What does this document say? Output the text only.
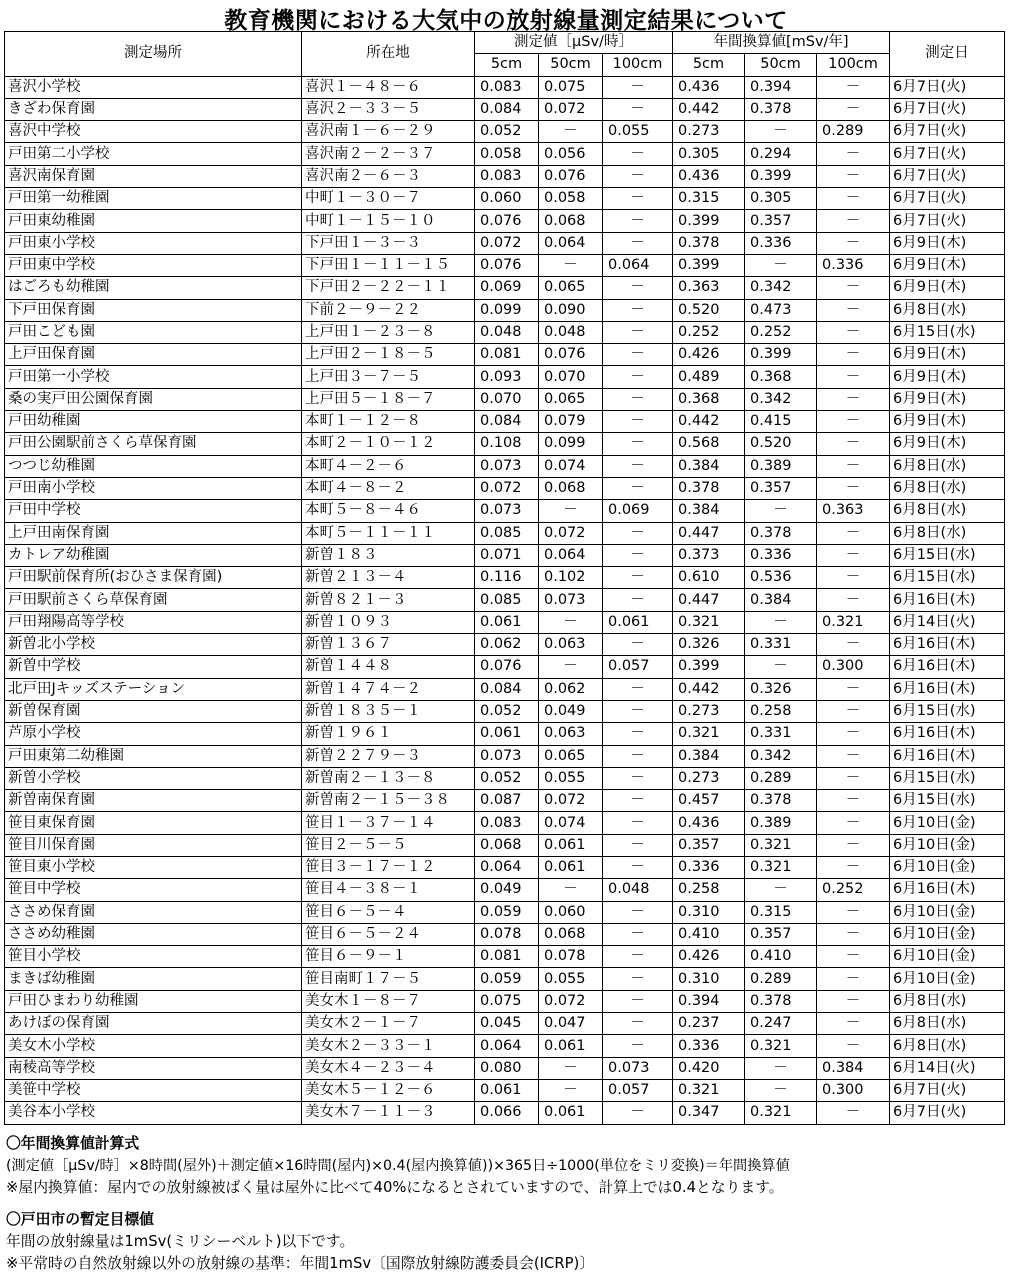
教育機関における大気中の放射線量測定結果について
測定場所	所在地	測定値［μSv/時］			年間換算値[mSv/年]			測定日
		5cm	50cm	100cm	5cm	50cm	100cm	
喜沢小学校	喜沢１－４８－６	0.083	0.075	－	0.436	0.394	－	6月7日(火)
きざわ保育園	喜沢２－３３－５	0.084	0.072	－	0.442	0.378	－	6月7日(火)
喜沢中学校	喜沢南１－６－２９	0.052	－	0.055	0.273	－	0.289	6月7日(火)
戸田第二小学校	喜沢南２－２－３７	0.058	0.056	－	0.305	0.294	－	6月7日(火)
喜沢南保育園	喜沢南２－６－３	0.083	0.076	－	0.436	0.399	－	6月7日(火)
戸田第一幼稚園	中町１－３０－７	0.060	0.058	－	0.315	0.305	－	6月7日(火)
戸田東幼稚園	中町１－１５－１０	0.076	0.068	－	0.399	0.357	－	6月7日(火)
戸田東小学校	下戸田１－３－３	0.072	0.064	－	0.378	0.336	－	6月9日(木)
戸田東中学校	下戸田１－１１－１５	0.076	－	0.064	0.399	－	0.336	6月9日(木)
はごろも幼稚園	下戸田２－２２－１１	0.069	0.065	－	0.363	0.342	－	6月9日(木)
下戸田保育園	下前２－９－２２	0.099	0.090	－	0.520	0.473	－	6月8日(水)
戸田こども園	上戸田１－２３－８	0.048	0.048	－	0.252	0.252	－	6月15日(水)
上戸田保育園	上戸田２－１８－５	0.081	0.076	－	0.426	0.399	－	6月9日(木)
戸田第一小学校	上戸田３－７－５	0.093	0.070	－	0.489	0.368	－	6月9日(木)
桑の実戸田公園保育園	上戸田５－１８－７	0.070	0.065	－	0.368	0.342	－	6月9日(木)
戸田幼稚園	本町１－１２－８	0.084	0.079	－	0.442	0.415	－	6月9日(木)
戸田公園駅前さくら草保育園	本町２－１０－１２	0.108	0.099	－	0.568	0.520	－	6月9日(木)
つつじ幼稚園	本町４－２－６	0.073	0.074	－	0.384	0.389	－	6月8日(水)
戸田南小学校	本町４－８－２	0.072	0.068	－	0.378	0.357	－	6月8日(水)
戸田中学校	本町５－８－４６	0.073	－	0.069	0.384	－	0.363	6月8日(水)
上戸田南保育園	本町５－１１－１１	0.085	0.072	－	0.447	0.378	－	6月8日(水)
カトレア幼稚園	新曽１８３	0.071	0.064	－	0.373	0.336	－	6月15日(水)
戸田駅前保育所(おひさま保育園)	新曽２１３－４	0.116	0.102	－	0.610	0.536	－	6月15日(水)
戸田駅前さくら草保育園	新曽８２１－３	0.085	0.073	－	0.447	0.384	－	6月16日(木)
戸田翔陽高等学校	新曽１０９３	0.061	－	0.061	0.321	－	0.321	6月14日(火)
新曽北小学校	新曽１３６７	0.062	0.063	－	0.326	0.331	－	6月16日(木)
新曽中学校	新曽１４４８	0.076	－	0.057	0.399	－	0.300	6月16日(木)
北戸田Jキッズステーション	新曽１４７４－２	0.084	0.062	－	0.442	0.326	－	6月16日(木)
新曽保育園	新曽１８３５－１	0.052	0.049	－	0.273	0.258	－	6月15日(水)
芦原小学校	新曽１９６１	0.061	0.063	－	0.321	0.331	－	6月16日(木)
戸田東第二幼稚園	新曽２２７９－３	0.073	0.065	－	0.384	0.342	－	6月16日(木)
新曽小学校	新曽南２－１３－８	0.052	0.055	－	0.273	0.289	－	6月15日(水)
新曽南保育園	新曽南２－１５－３８	0.087	0.072	－	0.457	0.378	－	6月15日(水)
笹目東保育園	笹目１－３７－１４	0.083	0.074	－	0.436	0.389	－	6月10日(金)
笹目川保育園	笹目２－５－５	0.068	0.061	－	0.357	0.321	－	6月10日(金)
笹目東小学校	笹目３－１７－１２	0.064	0.061	－	0.336	0.321	－	6月10日(金)
笹目中学校	笹目４－３８－１	0.049	－	0.048	0.258	－	0.252	6月16日(木)
ささめ保育園	笹目６－５－４	0.059	0.060	－	0.310	0.315	－	6月10日(金)
ささめ幼稚園	笹目６－５－２４	0.078	0.068	－	0.410	0.357	－	6月10日(金)
笹目小学校	笹目６－９－１	0.081	0.078	－	0.426	0.410	－	6月10日(金)
まきば幼稚園	笹目南町１７－５	0.059	0.055	－	0.310	0.289	－	6月10日(金)
戸田ひまわり幼稚園	美女木１－８－７	0.075	0.072	－	0.394	0.378	－	6月8日(水)
あけぼの保育園	美女木２－１－７	0.045	0.047	－	0.237	0.247	－	6月8日(水)
美女木小学校	美女木２－３３－１	0.064	0.061	－	0.336	0.321	－	6月8日(水)
南稜高等学校	美女木４－２３－４	0.080	－	0.073	0.420	－	0.384	6月14日(火)
美笹中学校	美女木５－１２－６	0.061	－	0.057	0.321	－	0.300	6月7日(火)
美谷本小学校	美女木７－１１－３	0.066	0.061	－	0.347	0.321	－	6月7日(火)
〇年間換算値計算式
(測定値［μSv/時］×8時間(屋外)＋測定値×16時間(屋内)×0.4(屋内換算値))×365日÷1000(単位をミリ変換)＝年間換算値
※屋内換算値：屋内での放射線被ばく量は屋外に比べて40%になるとされていますので、計算上では0.4となります。
〇戸田市の暫定目標値
年間の放射線量は1mSv(ミリシーベルト)以下です。
※平常時の自然放射線以外の放射線の基準：年間1mSv〔国際放射線防護委員会(ICRP)〕
